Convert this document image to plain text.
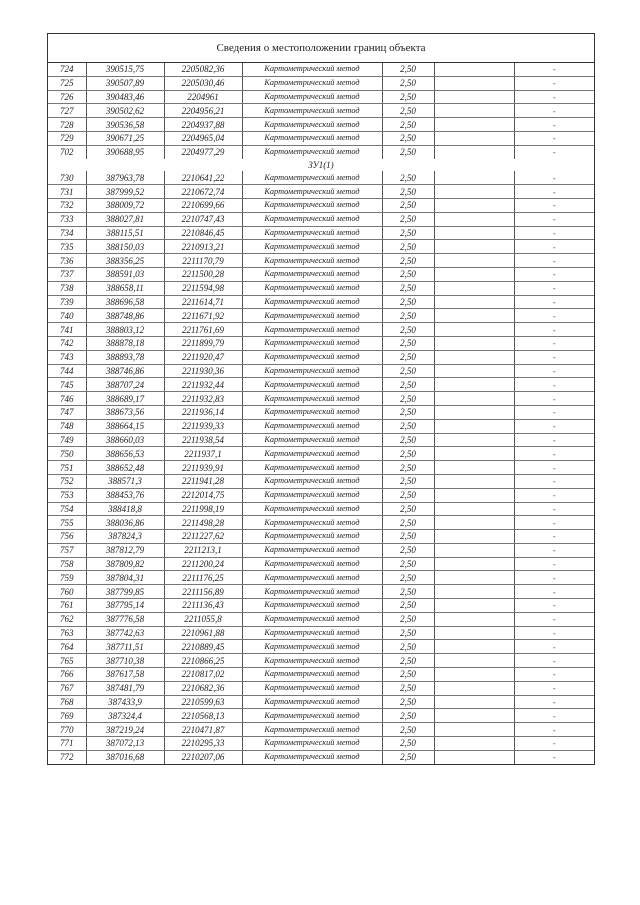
Сведения о местоположении границ объекта
724	390515,75	2205082,36	Картометрический метод	2,50		-
725	390507,89	2205030,46	Картометрический метод	2,50		-
726	390483,46	2204961	Картометрический метод	2,50		-
727	390502,62	2204956,21	Картометрический метод	2,50		-
728	390536,58	2204937,88	Картометрический метод	2,50		-
729	390671,25	2204965,04	Картометрический метод	2,50		-
702	390688,95	2204977,29	Картометрический метод	2,50		-
ЗУ1(1)						
730	387963,78	2210641,22	Картометрический метод	2,50		-
731	387999,52	2210672,74	Картометрический метод	2,50		-
732	388009,72	2210699,66	Картометрический метод	2,50		-
733	388027,81	2210747,43	Картометрический метод	2,50		-
734	388115,51	2210846,45	Картометрический метод	2,50		-
735	388150,03	2210913,21	Картометрический метод	2,50		-
736	388356,25	2211170,79	Картометрический метод	2,50		-
737	388591,03	2211500,28	Картометрический метод	2,50		-
738	388658,11	2211594,98	Картометрический метод	2,50		-
739	388696,58	2211614,71	Картометрический метод	2,50		-
740	388748,86	2211671,92	Картометрический метод	2,50		-
741	388803,12	2211761,69	Картометрический метод	2,50		-
742	388878,18	2211899,79	Картометрический метод	2,50		-
743	388893,78	2211920,47	Картометрический метод	2,50		-
744	388746,86	2211930,36	Картометрический метод	2,50		-
745	388707,24	2211932,44	Картометрический метод	2,50		-
746	388689,17	2211932,83	Картометрический метод	2,50		-
747	388673,56	2211936,14	Картометрический метод	2,50		-
748	388664,15	2211939,33	Картометрический метод	2,50		-
749	388660,03	2211938,54	Картометрический метод	2,50		-
750	388656,53	2211937,1	Картометрический метод	2,50		-
751	388652,48	2211939,91	Картометрический метод	2,50		-
752	388571,3	2211941,28	Картометрический метод	2,50		-
753	388453,76	2212014,75	Картометрический метод	2,50		-
754	388418,8	2211998,19	Картометрический метод	2,50		-
755	388036,86	2211498,28	Картометрический метод	2,50		-
756	387824,3	2211227,62	Картометрический метод	2,50		-
757	387812,79	2211213,1	Картометрический метод	2,50		-
758	387809,82	2211200,24	Картометрический метод	2,50		-
759	387804,31	2211176,25	Картометрический метод	2,50		-
760	387799,85	2211156,89	Картометрический метод	2,50		-
761	387795,14	2211136,43	Картометрический метод	2,50		-
762	387776,58	2211055,8	Картометрический метод	2,50		-
763	387742,63	2210961,88	Картометрический метод	2,50		-
764	387711,51	2210889,45	Картометрический метод	2,50		-
765	387710,38	2210866,25	Картометрический метод	2,50		-
766	387617,58	2210817,02	Картометрический метод	2,50		-
767	387481,79	2210682,36	Картометрический метод	2,50		-
768	387433,9	2210599,63	Картометрический метод	2,50		-
769	387324,4	2210568,13	Картометрический метод	2,50		-
770	387219,24	2210471,87	Картометрический метод	2,50		-
771	387072,13	2210295,33	Картометрический метод	2,50		-
772	387016,68	2210207,06	Картометрический метод	2,50		-
